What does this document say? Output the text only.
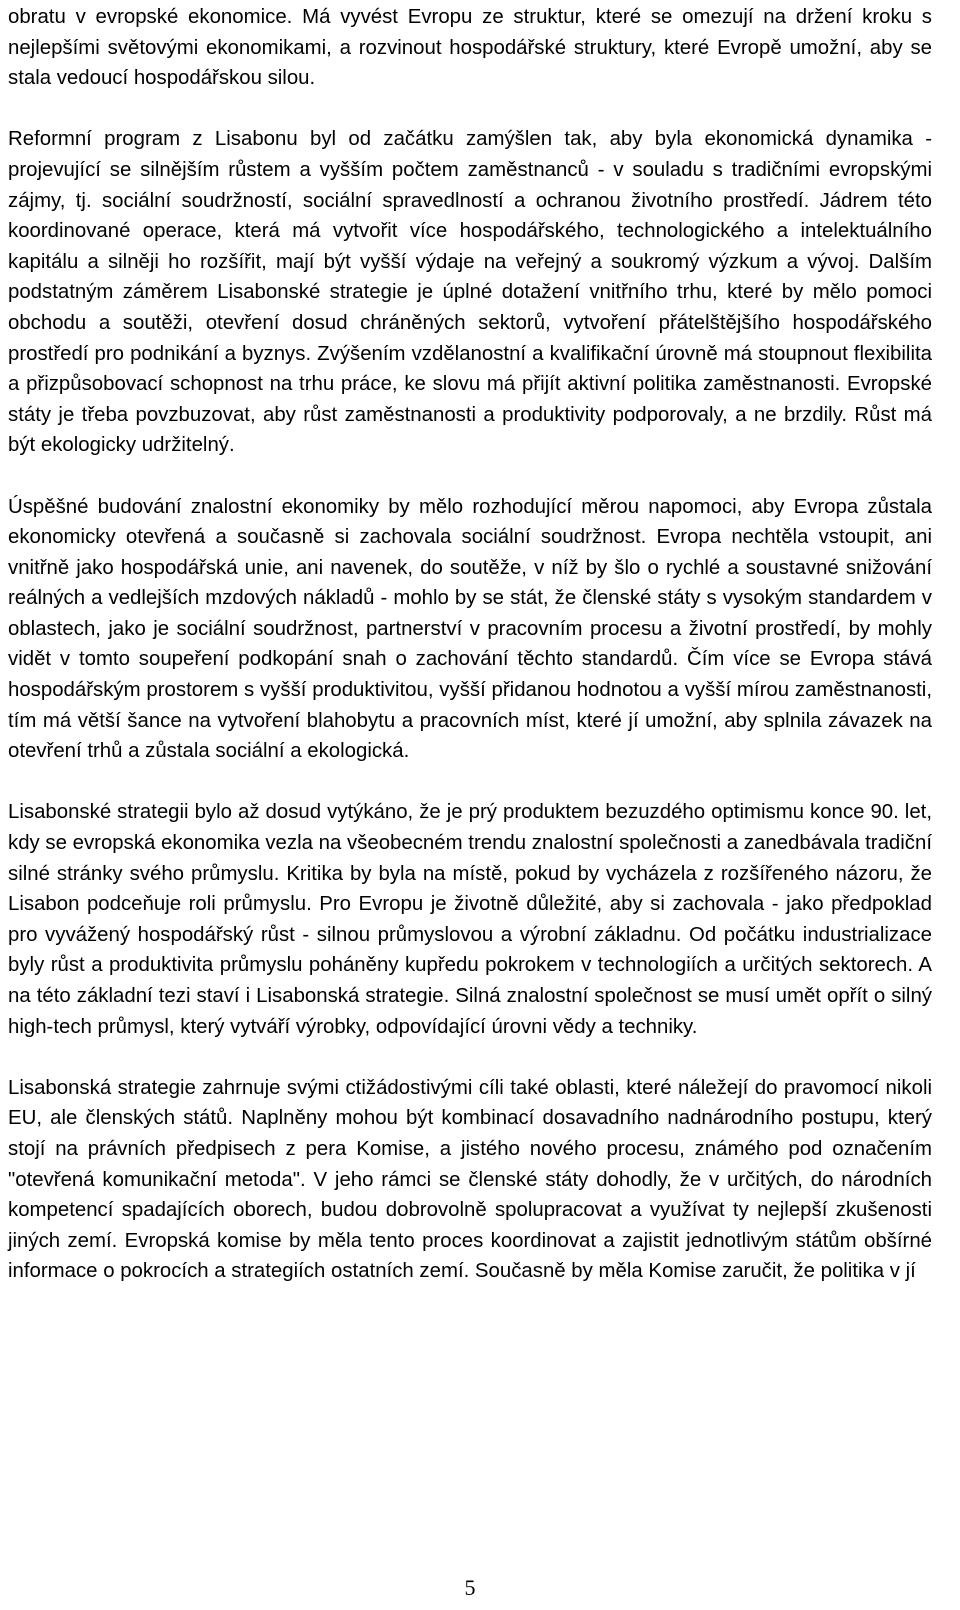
obratu v evropské ekonomice. Má vyvést Evropu ze struktur, které se omezují na držení kroku s nejlepšími světovými ekonomikami, a rozvinout hospodářské struktury, které Evropě umožní, aby se stala vedoucí hospodářskou silou.

Reformní program z Lisabonu byl od začátku zamýšlen tak, aby byla ekonomická dynamika - projevující se silnějším růstem a vyšším počtem zaměstnanců - v souladu s tradičními evropskými zájmy, tj. sociální soudržností, sociální spravedlností a ochranou životního prostředí. Jádrem této koordinované operace, která má vytvořit více hospodářského, technologického a intelektuálního kapitálu a silněji ho rozšířit, mají být vyšší výdaje na veřejný a soukromý výzkum a vývoj. Dalším podstatným záměrem Lisabonské strategie je úplné dotažení vnitřního trhu, které by mělo pomoci obchodu a soutěži, otevření dosud chráněných sektorů, vytvoření přátelštějšího hospodářského prostředí pro podnikání a byznys. Zvýšením vzdělanostní a kvalifikační úrovně má stoupnout flexibilita a přizpůsobovací schopnost na trhu práce, ke slovu má přijít aktivní politika zaměstnanosti. Evropské státy je třeba povzbuzovat, aby růst zaměstnanosti a produktivity podporovaly, a ne brzdily. Růst má být ekologicky udržitelný.

Úspěšné budování znalostní ekonomiky by mělo rozhodující měrou napomoci, aby Evropa zůstala ekonomicky otevřená a současně si zachovala sociální soudržnost. Evropa nechtěla vstoupit, ani vnitřně jako hospodářská unie, ani navenek, do soutěže, v níž by šlo o rychlé a soustavné snižování reálných a vedlejších mzdových nákladů - mohlo by se stát, že členské státy s vysokým standardem v oblastech, jako je sociální soudržnost, partnerství v pracovním procesu a životní prostředí, by mohly vidět v tomto soupeření podkopání snah o zachování těchto standardů. Čím více se Evropa stává hospodářským prostorem s vyšší produktivitou, vyšší přidanou hodnotou a vyšší mírou zaměstnanosti, tím má větší šance na vytvoření blahobytu a pracovních míst, které jí umožní, aby splnila závazek na otevření trhů a zůstala sociální a ekologická.

Lisabonské strategii bylo až dosud vytýkáno, že je prý produktem bezuzdého optimismu konce 90. let, kdy se evropská ekonomika vezla na všeobecném trendu znalostní společnosti a zanedbávala tradiční silné stránky svého průmyslu. Kritika by byla na místě, pokud by vycházela z rozšířeného názoru, že Lisabon podceňuje roli průmyslu. Pro Evropu je životně důležité, aby si zachovala - jako předpoklad pro vyvážený hospodářský růst - silnou průmyslovou a výrobní základnu. Od počátku industrializace byly růst a produktivita průmyslu poháněny kupředu pokrokem v technologiích a určitých sektorech. A na této základní tezi staví i Lisabonská strategie. Silná znalostní společnost se musí umět opřít o silný high-tech průmysl, který vytváří výrobky, odpovídající úrovni vědy a techniky.

Lisabonská strategie zahrnuje svými ctižádostivými cíli také oblasti, které náležejí do pravomocí nikoli EU, ale členských států. Naplněny mohou být kombinací dosavadního nadnárodního postupu, který stojí na právních předpisech z pera Komise, a jistého nového procesu, známého pod označením "otevřená komunikační metoda". V jeho rámci se členské státy dohodly, že v určitých, do národních kompetencí spadajících oborech, budou dobrovolně spolupracovat a využívat ty nejlepší zkušenosti jiných zemí. Evropská komise by měla tento proces koordinovat a zajistit jednotlivým státům obšírné informace o pokrocích a strategiích ostatních zemí. Současně by měla Komise zaručit, že politika v jí

5
